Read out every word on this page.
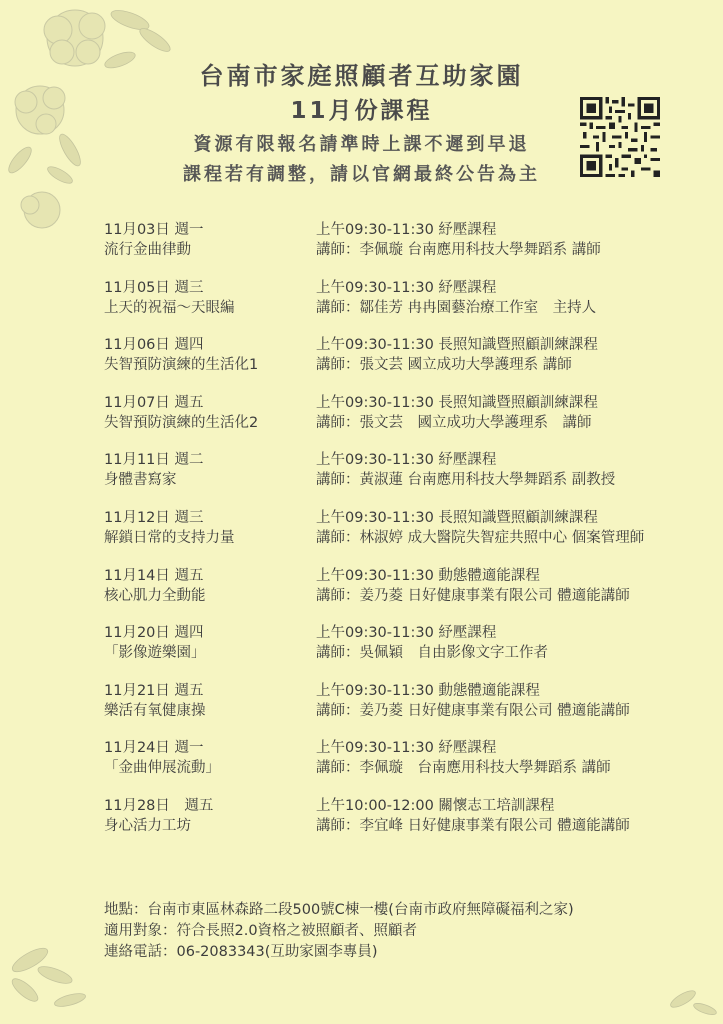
台南市家庭照顧者互助家園
11月份課程
資源有限報名請準時上課不遲到早退
課程若有調整，請以官網最終公告為主
11月03日 週一
流行金曲律動
上午09:30-11:30 紓壓課程
講師：李佩璇 台南應用科技大學舞蹈系 講師
11月05日 週三
上天的祝福～天眼編
上午09:30-11:30 紓壓課程
講師：鄒佳芳 冉冉園藝治療工作室　主持人
11月06日 週四
失智預防演練的生活化1
上午09:30-11:30 長照知識暨照顧訓練課程
講師：張文芸 國立成功大學護理系 講師
11月07日 週五
失智預防演練的生活化2
上午09:30-11:30 長照知識暨照顧訓練課程
講師：張文芸　國立成功大學護理系　講師
11月11日 週二
身體書寫家
上午09:30-11:30 紓壓課程
講師：黃淑蓮 台南應用科技大學舞蹈系 副教授
11月12日 週三
解鎖日常的支持力量
上午09:30-11:30 長照知識暨照顧訓練課程
講師：林淑婷 成大醫院失智症共照中心 個案管理師
11月14日 週五
核心肌力全動能
上午09:30-11:30 動態體適能課程
講師：姜乃菱 日好健康事業有限公司 體適能講師
11月20日 週四
「影像遊樂園」
上午09:30-11:30 紓壓課程
講師：吳佩穎　自由影像文字工作者
11月21日 週五
樂活有氧健康操
上午09:30-11:30 動態體適能課程
講師：姜乃菱 日好健康事業有限公司 體適能講師
11月24日 週一
「金曲伸展流動」
上午09:30-11:30 紓壓課程
講師：李佩璇　台南應用科技大學舞蹈系 講師
11月28日　週五
身心活力工坊
上午10:00-12:00 關懷志工培訓課程
講師：李宜峰 日好健康事業有限公司 體適能講師
地點：台南市東區林森路二段500號C棟一樓(台南市政府無障礙福利之家)
適用對象：符合長照2.0資格之被照顧者、照顧者
連絡電話：06-2083343(互助家園李專員)
